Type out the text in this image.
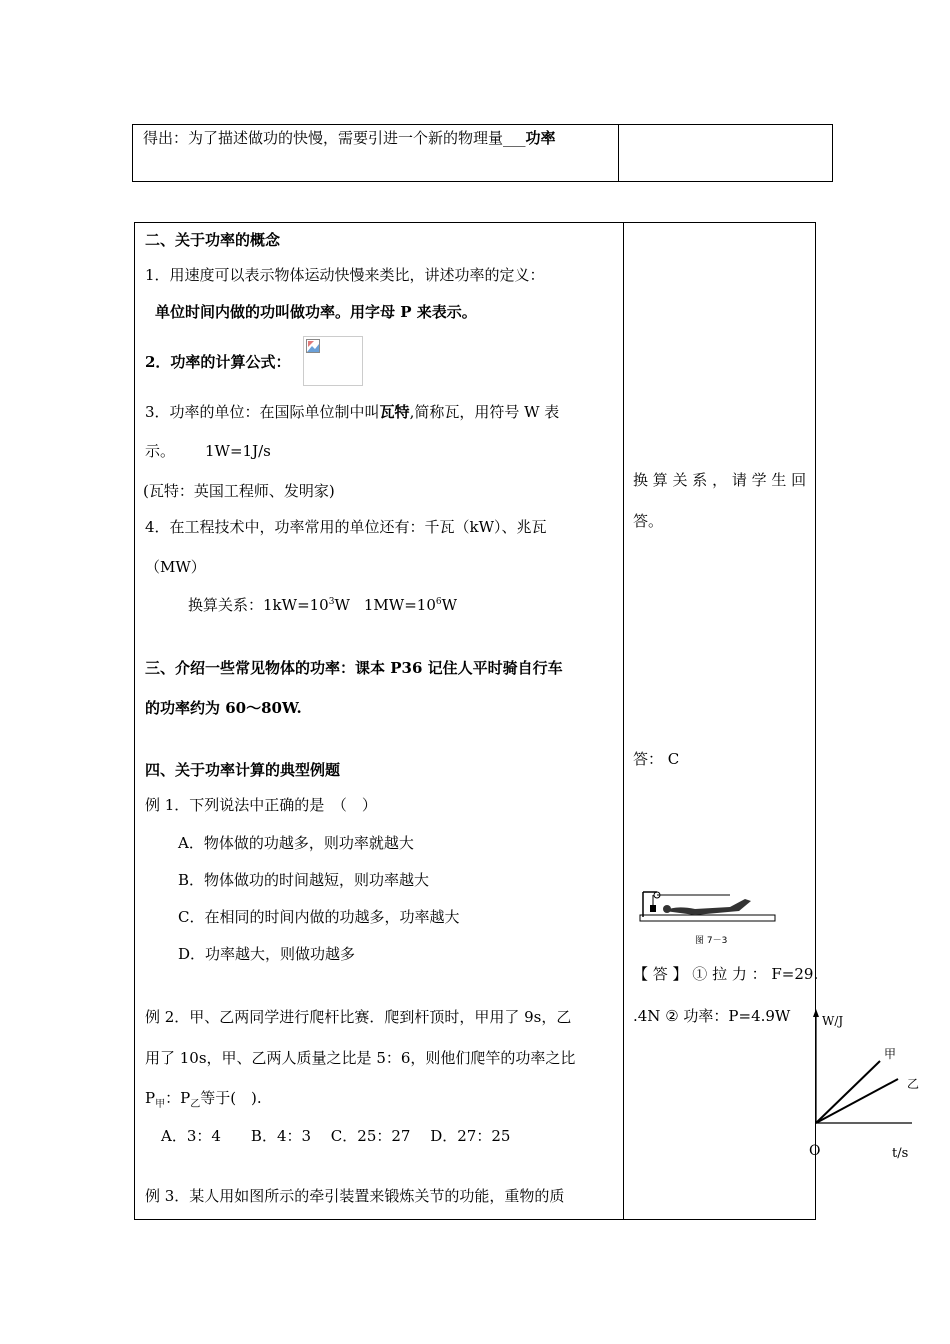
得出：为了描述做功的快慢，需要引进一个新的物理量___功率

二、关于功率的概念
1．用速度可以表示物体运动快慢来类比，讲述功率的定义：
单位时间内做的功叫做功率。用字母 P 来表示。
2．功率的计算公式：
3．功率的单位：在国际单位制中叫瓦特,简称瓦，用符号 W 表
示。 1W=1J/s
(瓦特：英国工程师、发明家)
4．在工程技术中，功率常用的单位还有：千瓦（kW）、兆瓦
（MW）
换算关系：$1kW=10^3W$ $1MW=10^6W$
三、介绍一些常见物体的功率：课本 P36 记住人平时骑自行车
的功率约为 60～80W.
四、关于功率计算的典型例题
例 1．下列说法中正确的是　（　）
A．物体做的功越多，则功率就越大
B．物体做功的时间越短，则功率越大
C．在相同的时间内做的功越多，功率越大
D．功率越大，则做功越多
例 2．甲、乙两同学进行爬杆比赛．爬到杆顶时，甲用了 9s，乙
用了 10s，甲、乙两人质量之比是 5：6，则他们爬竿的功率之比
$P_甲$：$P_乙$等于(　).
A．3：4　　B．4：3　 C．25：27　 D．27：25
例 3．某人用如图所示的牵引装置来锻炼关节的功能，重物的质
换 算 关 系 ， 请 学 生 回
答。
答： C
图 7－3
【 答 】 ① 拉 力 ： F=29.
.4N ② 功率：P=4.9W	W/J
t/s
O
甲
乙
